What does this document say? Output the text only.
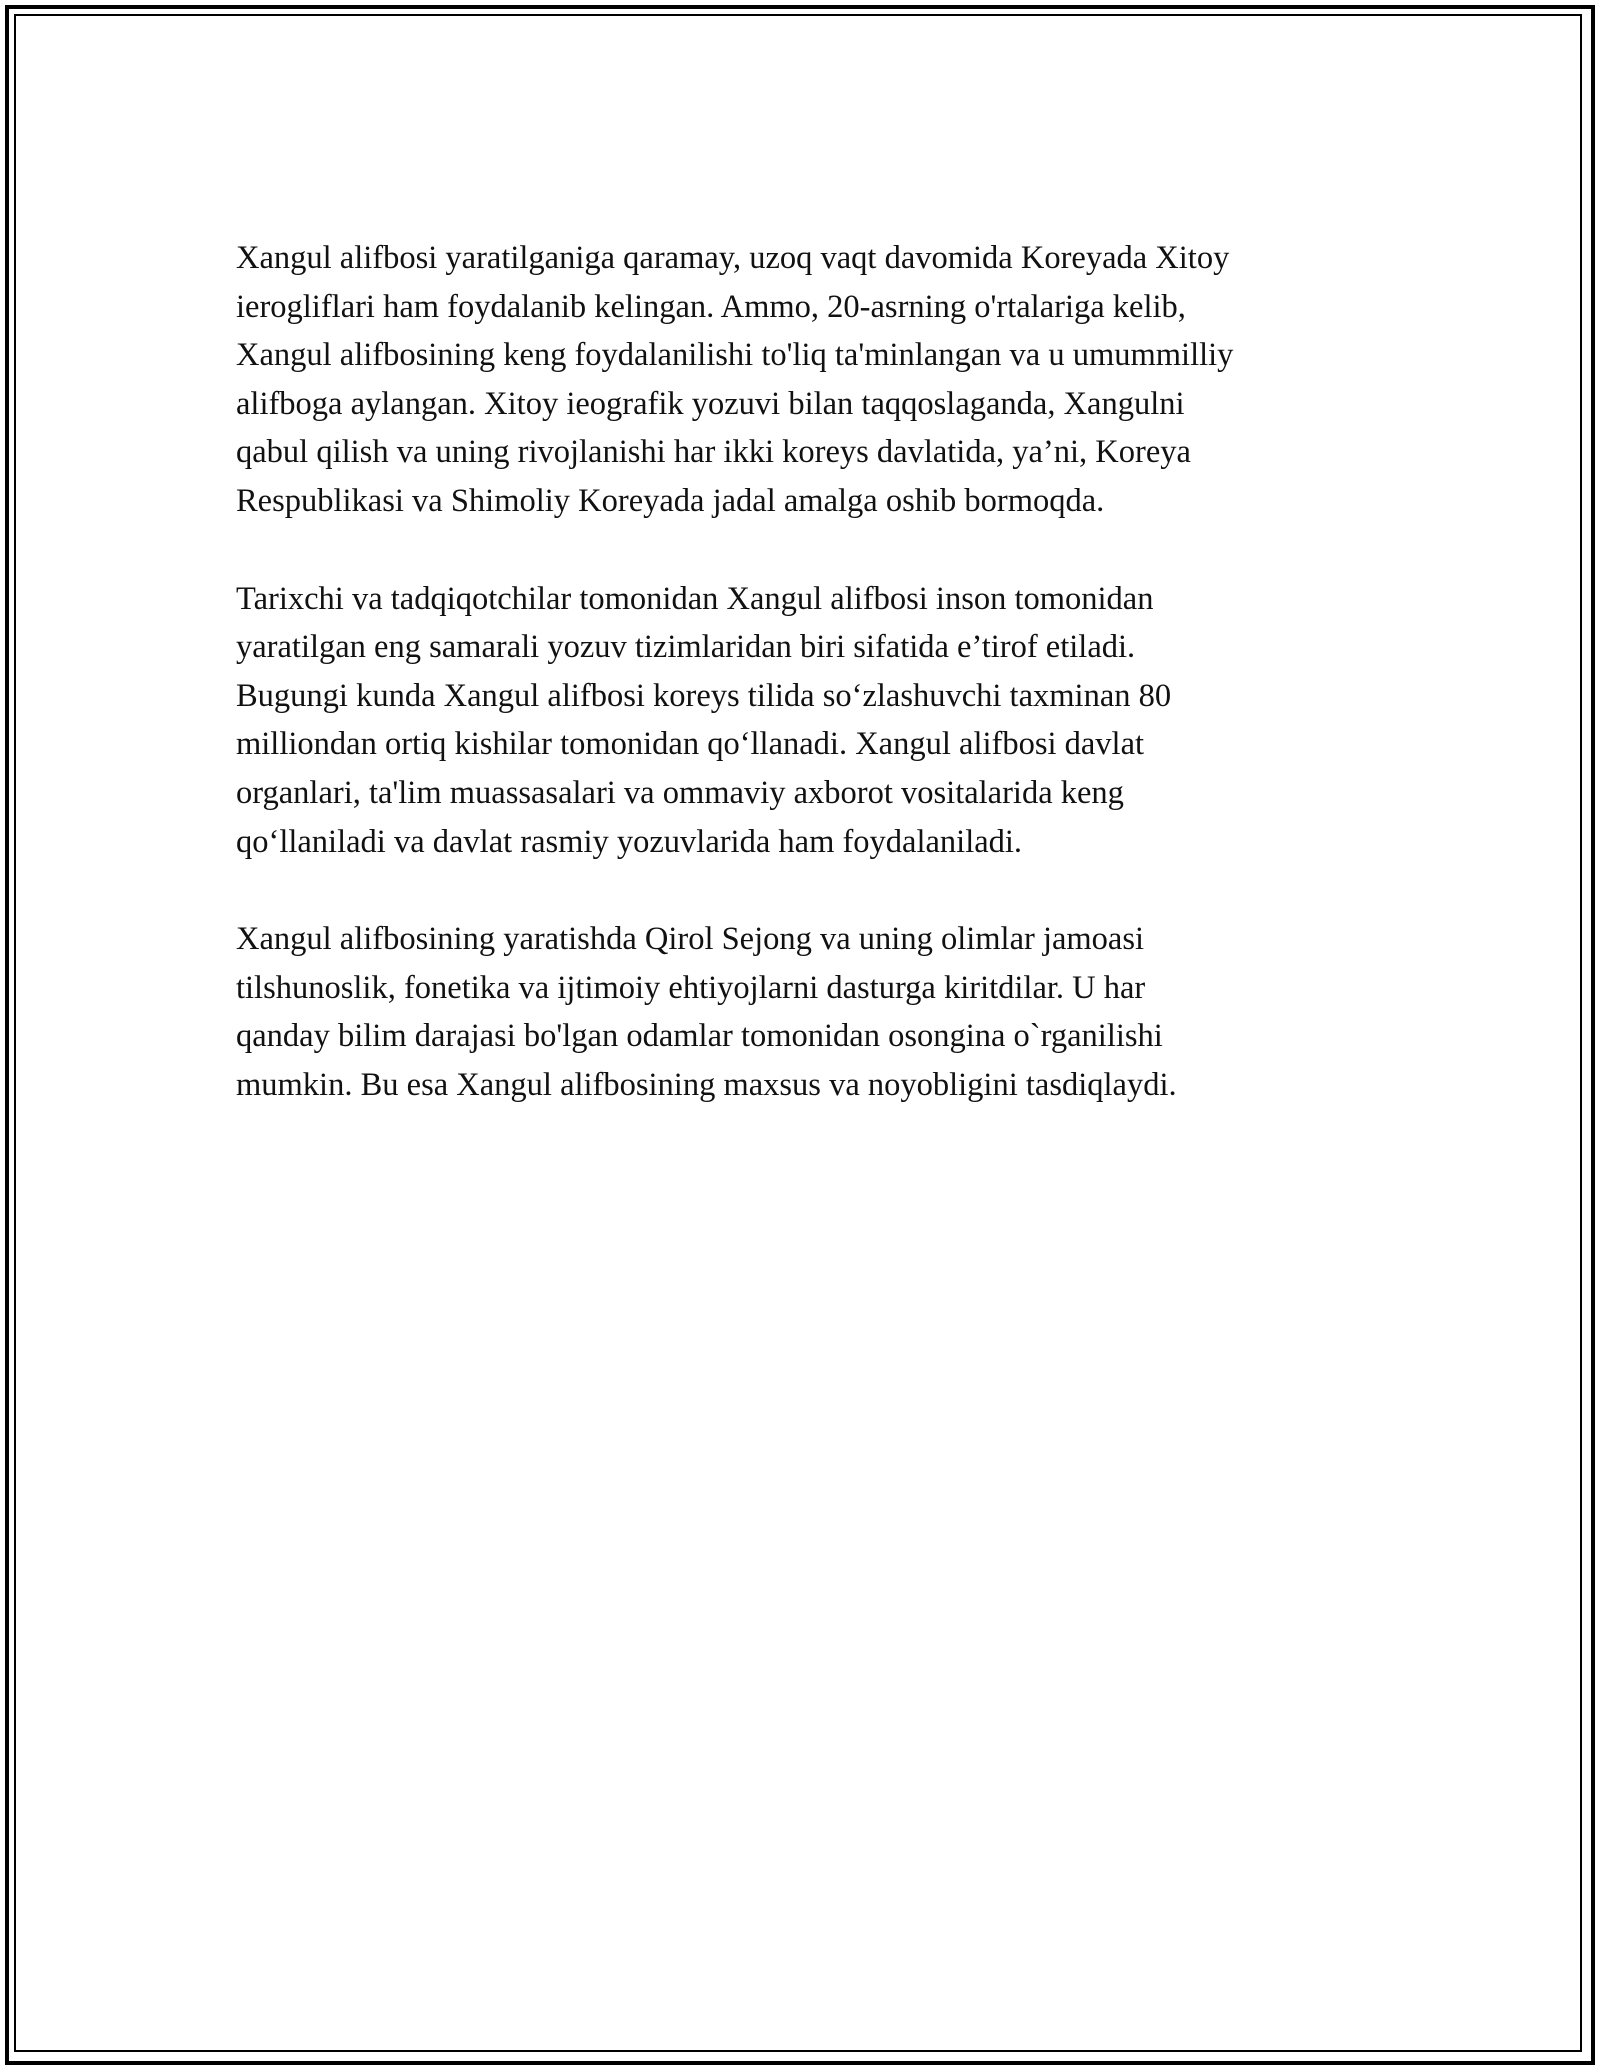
Xangul alifbosi yaratilganiga qaramay, uzoq vaqt davomida Koreyada Xitoy
ierogliflari ham foydalanib kelingan. Ammo, 20-asrning o'rtalariga kelib,
Xangul alifbosining keng foydalanilishi to'liq ta'minlangan va u umummilliy
alifboga aylangan. Xitoy ieografik yozuvi bilan taqqoslaganda, Xangulni
qabul qilish va uning rivojlanishi har ikki koreys davlatida, ya’ni, Koreya
Respublikasi va Shimoliy Koreyada jadal amalga oshib bormoqda.

Tarixchi va tadqiqotchilar tomonidan Xangul alifbosi inson tomonidan
yaratilgan eng samarali yozuv tizimlaridan biri sifatida e’tirof etiladi.
Bugungi kunda Xangul alifbosi koreys tilida so‘zlashuvchi taxminan 80
milliondan ortiq kishilar tomonidan qo‘llanadi. Xangul alifbosi davlat
organlari, ta'lim muassasalari va ommaviy axborot vositalarida keng
qo‘llaniladi va davlat rasmiy yozuvlarida ham foydalaniladi.

Xangul alifbosining yaratishda Qirol Sejong va uning olimlar jamoasi
tilshunoslik, fonetika va ijtimoiy ehtiyojlarni dasturga kiritdilar. U har
qanday bilim darajasi bo'lgan odamlar tomonidan osongina o`rganilishi
mumkin. Bu esa Xangul alifbosining maxsus va noyobligini tasdiqlaydi.
